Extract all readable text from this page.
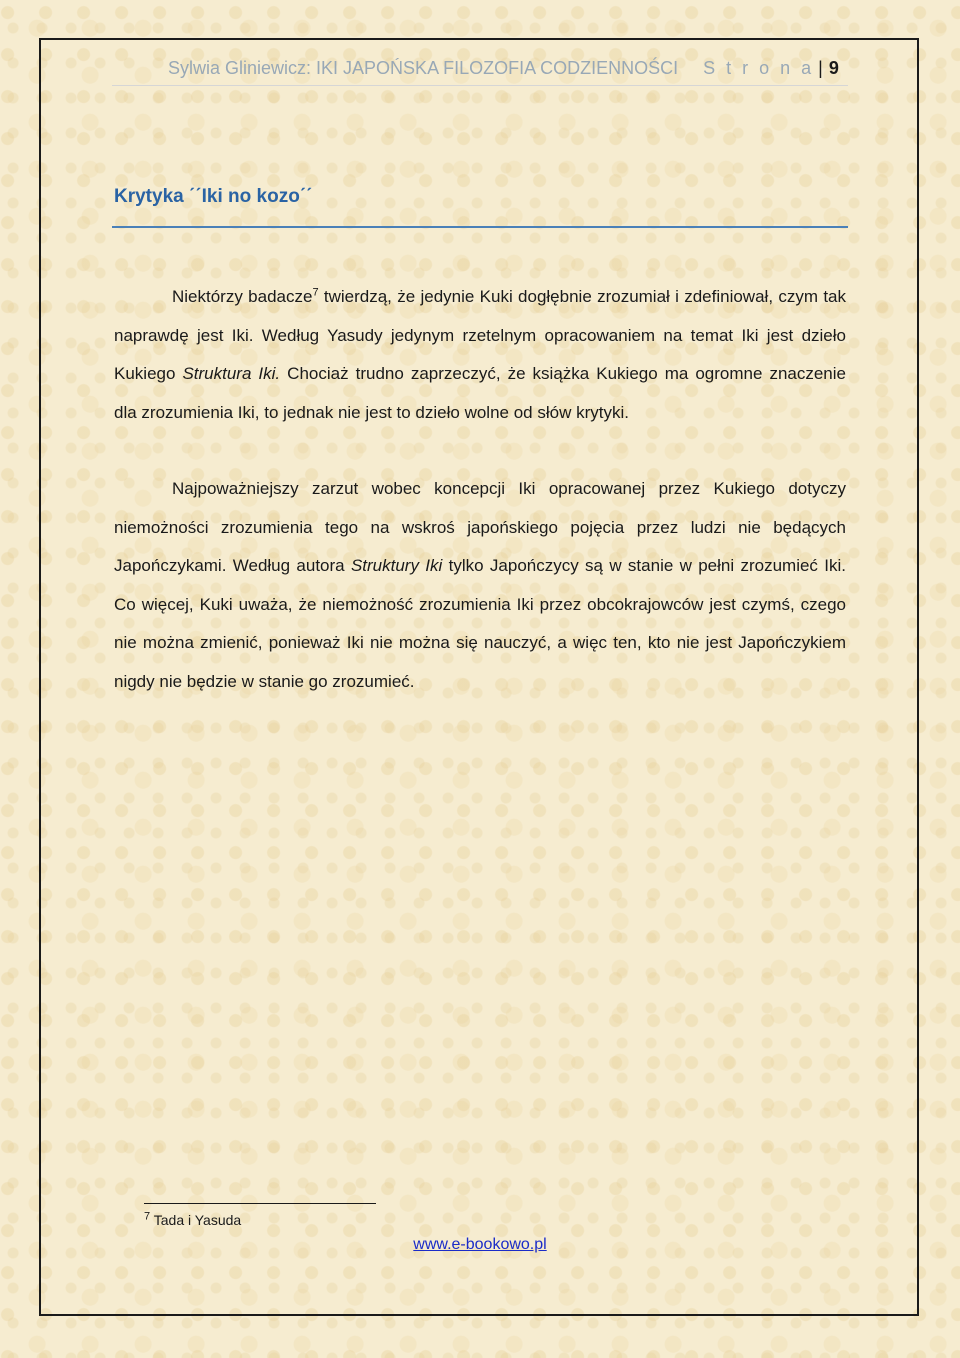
Sylwia Gliniewicz: IKI JAPOŃSKA FILOZOFIA CODZIENNOŚCI S t r o n a | 9
Krytyka ˊˊIki no kozoˊˊ

Niektórzy badacze$^7$ twierdzą, że jedynie Kuki dogłębnie zrozumiał i zdefiniował, czym tak naprawdę jest Iki. Według Yasudy jedynym rzetelnym opracowaniem na temat Iki jest dzieło Kukiego Struktura Iki. Chociaż trudno zaprzeczyć, że książka Kukiego ma ogromne znaczenie dla zrozumienia Iki, to jednak nie jest to dzieło wolne od słów krytyki.

Najpoważniejszy zarzut wobec koncepcji Iki opracowanej przez Kukiego dotyczy niemożności zrozumienia tego na wskroś japońskiego pojęcia przez ludzi nie będących Japończykami. Według autora Struktury Iki tylko Japończycy są w stanie w pełni zrozumieć Iki. Co więcej, Kuki uważa, że niemożność zrozumienia Iki przez obcokrajowców jest czymś, czego nie można zmienić, ponieważ Iki nie można się nauczyć, a więc ten, kto nie jest Japończykiem nigdy nie będzie w stanie go zrozumieć.

$^7$ Tada i Yasuda
www.e-bookowo.pl
